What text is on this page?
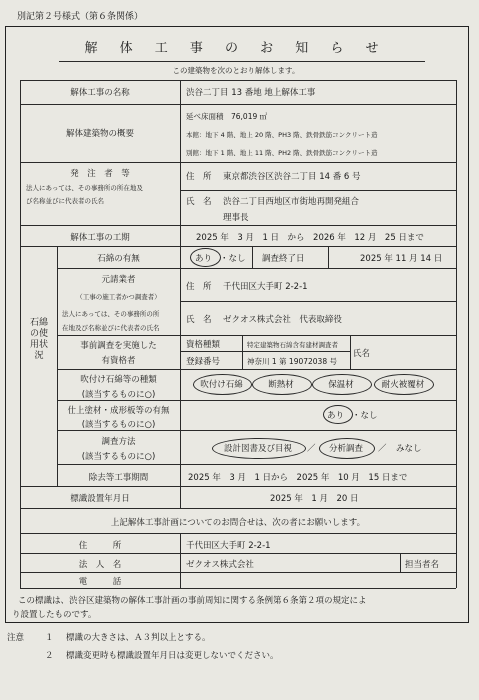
別記第２号様式（第６条関係）
解 体 工 事 の お 知 ら せ
この建築物を次のとおり解体します。
解体工事の名称	渋谷二丁目 13 番地 地上解体工事
解体建築物の概要
延べ床面積　76,019 ㎡
本館：地下 4 階、地上 20 階、PH3 階、鉄骨鉄筋コンクリート造
別館：地下 1 階、地上 11 階、PH2 階、鉄骨鉄筋コンクリート造
発　注　者　等
法人にあっては、その事務所の所在地及
び名称並びに代表者の氏名
住　所 東京都渋谷区渋谷二丁目 14 番 6 号
氏　名 渋谷二丁目西地区市街地再開発組合
理事長
解体工事の工期	2025 年　3 月　1 日　から　2026 年　12 月　25 日まで
石綿の使用状況
石綿の有無	あり ・なし 調査終了日	2025 年 11 月 14 日
元請業者
（工事の施工者かつ調査者）
法人にあっては、その事務所の所
在地及び名称並びに代表者の氏名
住　所 千代田区大手町 2-2-1
氏　名 ゼクオス株式会社　代表取締役
事前調査を実施した
有資格者
資格種類	特定建築物石綿含有建材調査者
登録番号	神奈川 1 第 19072038 号
氏名
吹付け石綿等の種類
(該当するものに○)
吹付け石綿	断熱材	保温材	耐火被覆材
仕上塗材・成形板等の有無
(該当するものに○)
あり ・なし
調査方法
(該当するものに○)
設計図書及び目視	／	分析調査	／ みなし
除去等工事期間	2025 年　3 月　1 日から　2025 年　10 月　15 日まで
標識設置年月日	2025 年　1 月　20 日
上記解体工事計画についてのお問合せは、次の者にお願いします。
住　　　所	千代田区大手町 2-2-1
法　人　名	ゼクオス株式会社	担当者名
電　　　話
この標識は、渋谷区建築物の解体工事計画の事前周知に関する条例第６条第２項の規定によ
り設置したものです。
注意 １ 標識の大きさは、Ａ３判以上とする。
２ 標識変更時も標識設置年月日は変更しないでください。
